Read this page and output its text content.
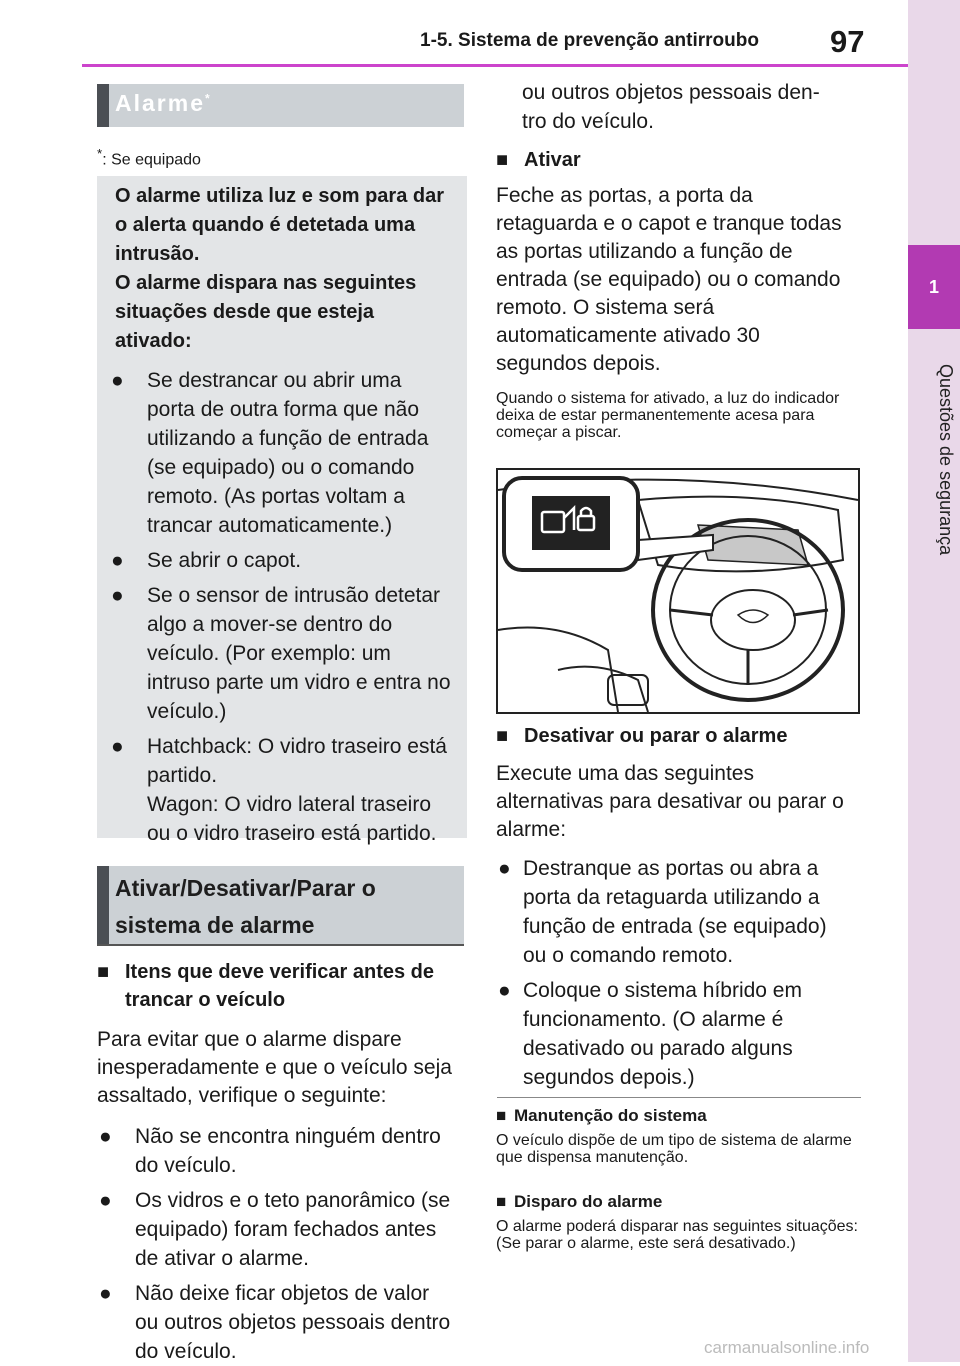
1
Questões de segurança
1-5. Sistema de prevenção antirroubo 97
Alarme*
*: Se equipado
O alarme utiliza luz e som para dar o alerta quando é detetada uma intrusão.
O alarme dispara nas seguintes situações desde que esteja ativado:
● Se destrancar ou abrir uma porta de outra forma que não utilizando a função de entrada (se equipado) ou o comando remoto. (As portas voltam a trancar automaticamente.)
● Se abrir o capot.
● Se o sensor de intrusão detetar algo a mover-se dentro do veículo. (Por exemplo: um intruso parte um vidro e entra no veículo.)
● Hatchback: O vidro traseiro está partido.
Wagon: O vidro lateral traseiro ou o vidro traseiro está partido.
Ativar/Desativar/Parar o sistema de alarme
■ Itens que deve verificar antes de trancar o veículo
Para evitar que o alarme dispare inesperadamente e que o veículo seja assaltado, verifique o seguinte:
● Não se encontra ninguém dentro do veículo.
● Os vidros e o teto panorâmico (se equipado) foram fechados antes de ativar o alarme.
● Não deixe ficar objetos de valor ou outros objetos pessoais dentro do veículo.
ou outros objetos pessoais den-
tro do veículo.
■ Ativar
Feche as portas, a porta da retaguarda e o capot e tranque todas as portas utilizando a função de entrada (se equipado) ou o comando remoto. O sistema será automaticamente ativado 30 segundos depois.
Quando o sistema for ativado, a luz do indicador deixa de estar permanentemente acesa para começar a piscar.
■ Desativar ou parar o alarme
Execute uma das seguintes alternativas para desativar ou parar o alarme:
● Destranque as portas ou abra a porta da retaguarda utilizando a função de entrada (se equipado) ou o comando remoto.
● Coloque o sistema híbrido em funcionamento. (O alarme é desativado ou parado alguns segundos depois.)
■ Manutenção do sistema
O veículo dispõe de um tipo de sistema de alarme que dispensa manutenção.
■ Disparo do alarme
O alarme poderá disparar nas seguintes situações:
(Se parar o alarme, este será desativado.)
carmanualsonline.info
